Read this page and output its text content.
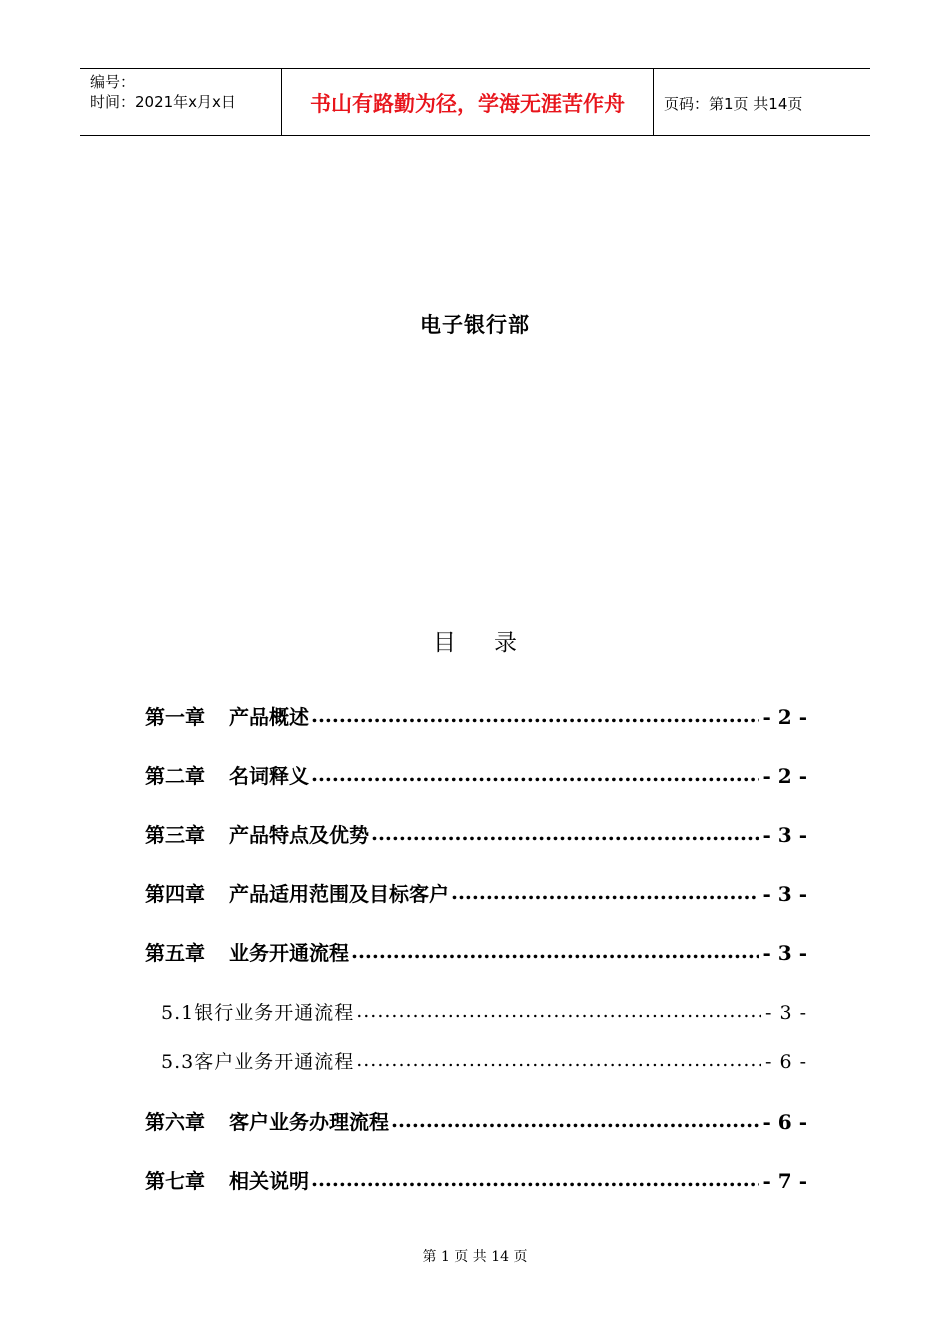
编号：
时间：2021年x月x日	书山有路勤为径，学海无涯苦作舟	页码：第1页 共14页
电子银行部
目 录
第一章 产品概述 .....	- 2 -
第二章 名词释义 .....	- 2 -
第三章 产品特点及优势 .....	- 3 -
第四章 产品适用范围及目标客户 .....	- 3 -
第五章 业务开通流程 .....	- 3 -
5.1银行业务开通流程 .....	- 3 -
5.3客户业务开通流程 .....	- 6 -
第六章 客户业务办理流程 .....	- 6 -
第七章 相关说明 .....	- 7 -
第 1 页 共 14 页
